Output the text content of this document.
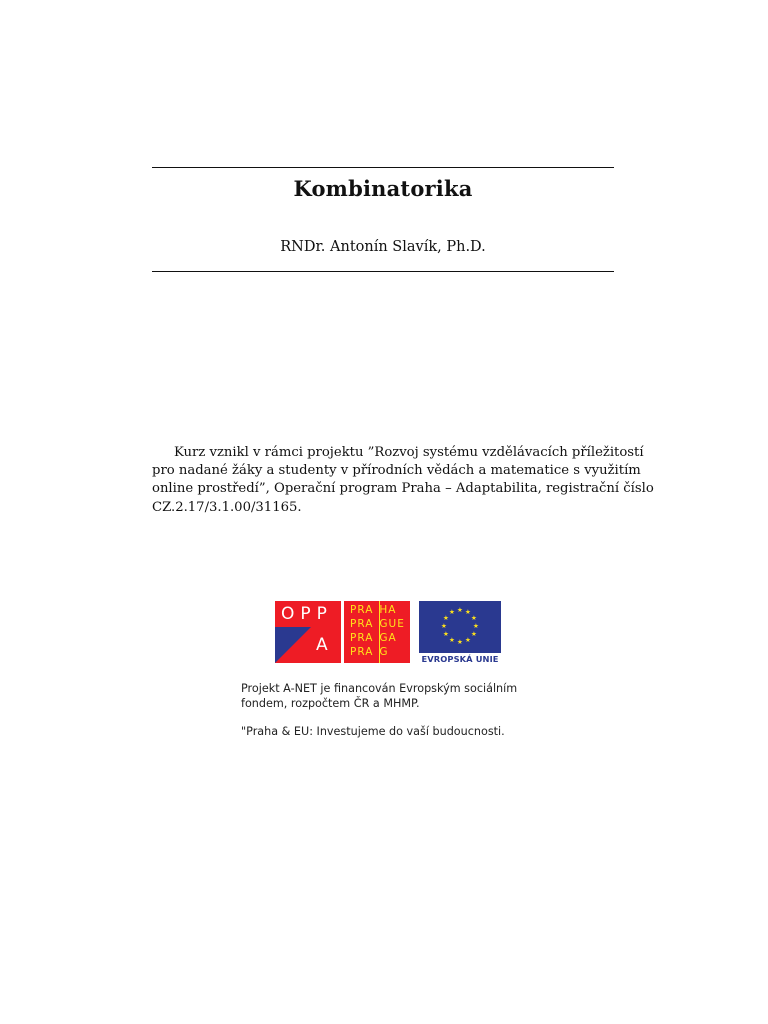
Kombinatorika
RNDr. Antonín Slavík, Ph.D.
Kurz vznikl v rámci projektu ”Rozvoj systému vzdělávacích příležitostí
pro nadané žáky a studenty v přírodních vědách a matematice s využitím
online prostředí”, Operační program Praha – Adaptabilita, registrační číslo
CZ.2.17/3.1.00/31165.
OPP
A
PRA HA
PRA GUE
PRA GA
PRA G
★ ★
★
★
★
★
★
★
★
★
★
★
EVROPSKÁ UNIE
Projekt A-NET je financován Evropským sociálním
fondem, rozpočtem ČR a MHMP.
"Praha & EU: Investujeme do vaší budoucnosti.
